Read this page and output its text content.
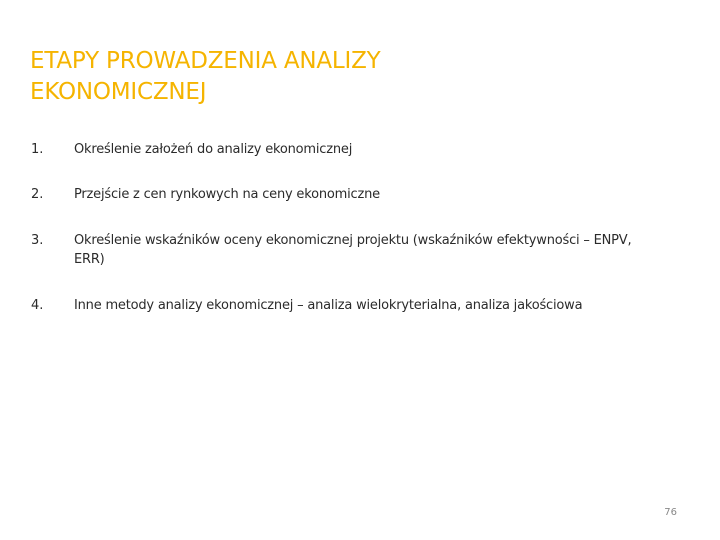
ETAPY PROWADZENIA ANALIZY
EKONOMICZNEJ
1.	Określenie założeń do analizy ekonomicznej
2.	Przejście z cen rynkowych na ceny ekonomiczne
3.	Określenie wskaźników oceny ekonomicznej projektu (wskaźników efektywności – ENPV, ERR)
4.	Inne metody analizy ekonomicznej – analiza wielokryterialna, analiza jakościowa
76
